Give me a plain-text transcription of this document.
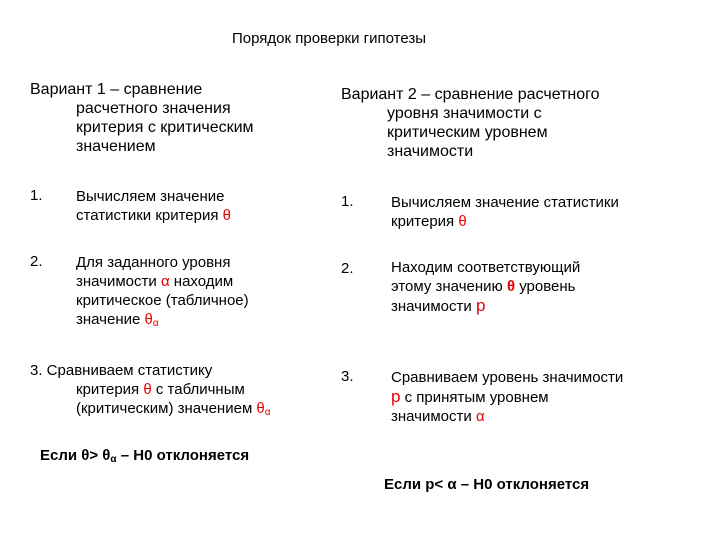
Порядок проверки гипотезы
Вариант 1 – сравнение
расчетного значения
критерия с критическим
значением
1. Вычисляем значение
статистики критерия θ
2. Для заданного уровня
значимости α находим
критическое (табличное)
значение $\theta_\alpha$
3. Сравниваем статистику
критерия θ с табличным
(критическим) значением $\theta_\alpha$
Если $\theta> \theta_\alpha - H0$ отклоняется
Вариант 2 – сравнение расчетного
уровня значимости с
критическим уровнем
значимости
1. Вычисляем значение статистики
критерия θ
2. Находим соответствующий
этому значению θ уровень
значимости p
3. Сравниваем уровень значимости
p с принятым уровнем
значимости α
Если p< α – H0 отклоняется
